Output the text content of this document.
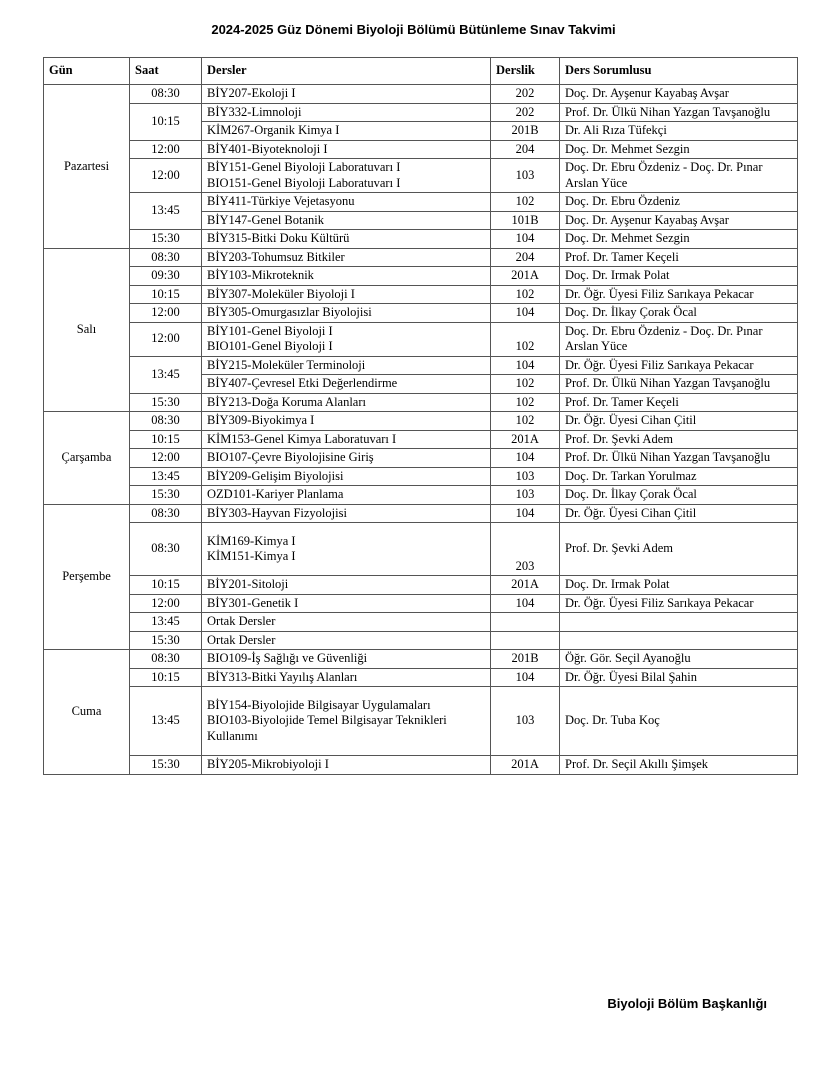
2024-2025 Güz Dönemi Biyoloji Bölümü Bütünleme Sınav Takvimi
Gün	Saat	Dersler	Derslik	Ders Sorumlusu
Pazartesi	08:30	BİY207-Ekoloji I	202	Doç. Dr. Ayşenur Kayabaş Avşar
	10:15	BİY332-Limnoloji	202	Prof. Dr. Ülkü Nihan Yazgan Tavşanoğlu
		KİM267-Organik Kimya I	201B	Dr. Ali Rıza Tüfekçi
	12:00	BİY401-Biyoteknoloji I	204	Doç. Dr. Mehmet Sezgin
	12:00	BİY151-Genel Biyoloji Laboratuvarı I
BIO151-Genel Biyoloji Laboratuvarı I	103	Doç. Dr. Ebru Özdeniz - Doç. Dr. Pınar Arslan Yüce
	13:45	BİY411-Türkiye Vejetasyonu	102	Doç. Dr. Ebru Özdeniz
		BİY147-Genel Botanik	101B	Doç. Dr. Ayşenur Kayabaş Avşar
	15:30	BİY315-Bitki Doku Kültürü	104	Doç. Dr. Mehmet Sezgin
Salı	08:30	BİY203-Tohumsuz Bitkiler	204	Prof. Dr. Tamer Keçeli
	09:30	BİY103-Mikroteknik	201A	Doç. Dr. Irmak Polat
	10:15	BİY307-Moleküler Biyoloji I	102	Dr. Öğr. Üyesi Filiz Sarıkaya Pekacar
	12:00	BİY305-Omurgasızlar Biyolojisi	104	Doç. Dr. İlkay Çorak Öcal
	12:00	BİY101-Genel Biyoloji I
BIO101-Genel Biyoloji I	102	Doç. Dr. Ebru Özdeniz - Doç. Dr. Pınar Arslan Yüce
	13:45	BİY215-Moleküler Terminoloji	104	Dr. Öğr. Üyesi Filiz Sarıkaya Pekacar
		BİY407-Çevresel Etki Değerlendirme	102	Prof. Dr. Ülkü Nihan Yazgan Tavşanoğlu
	15:30	BİY213-Doğa Koruma Alanları	102	Prof. Dr. Tamer Keçeli
Çarşamba	08:30	BİY309-Biyokimya I	102	Dr. Öğr. Üyesi Cihan Çitil
	10:15	KİM153-Genel Kimya Laboratuvarı I	201A	Prof. Dr. Şevki Adem
	12:00	BIO107-Çevre Biyolojisine Giriş	104	Prof. Dr. Ülkü Nihan Yazgan Tavşanoğlu
	13:45	BİY209-Gelişim Biyolojisi	103	Doç. Dr. Tarkan Yorulmaz
	15:30	OZD101-Kariyer Planlama	103	Doç. Dr. İlkay Çorak Öcal
Perşembe	08:30	BİY303-Hayvan Fizyolojisi	104	Dr. Öğr. Üyesi Cihan Çitil
	08:30	KİM169-Kimya I
KİM151-Kimya I	203	Prof. Dr. Şevki Adem
	10:15	BİY201-Sitoloji	201A	Doç. Dr. Irmak Polat
	12:00	BİY301-Genetik I	104	Dr. Öğr. Üyesi Filiz Sarıkaya Pekacar
	13:45	Ortak Dersler		
	15:30	Ortak Dersler		
Cuma	08:30	BIO109-İş Sağlığı ve Güvenliği	201B	Öğr. Gör. Seçil Ayanoğlu
	10:15	BİY313-Bitki Yayılış Alanları	104	Dr. Öğr. Üyesi Bilal Şahin
	13:45	BİY154-Biyolojide Bilgisayar Uygulamaları
BIO103-Biyolojide Temel Bilgisayar Teknikleri Kullanımı	103	Doç. Dr. Tuba Koç
	15:30	BİY205-Mikrobiyoloji I	201A	Prof. Dr. Seçil Akıllı Şimşek
Biyoloji Bölüm Başkanlığı
